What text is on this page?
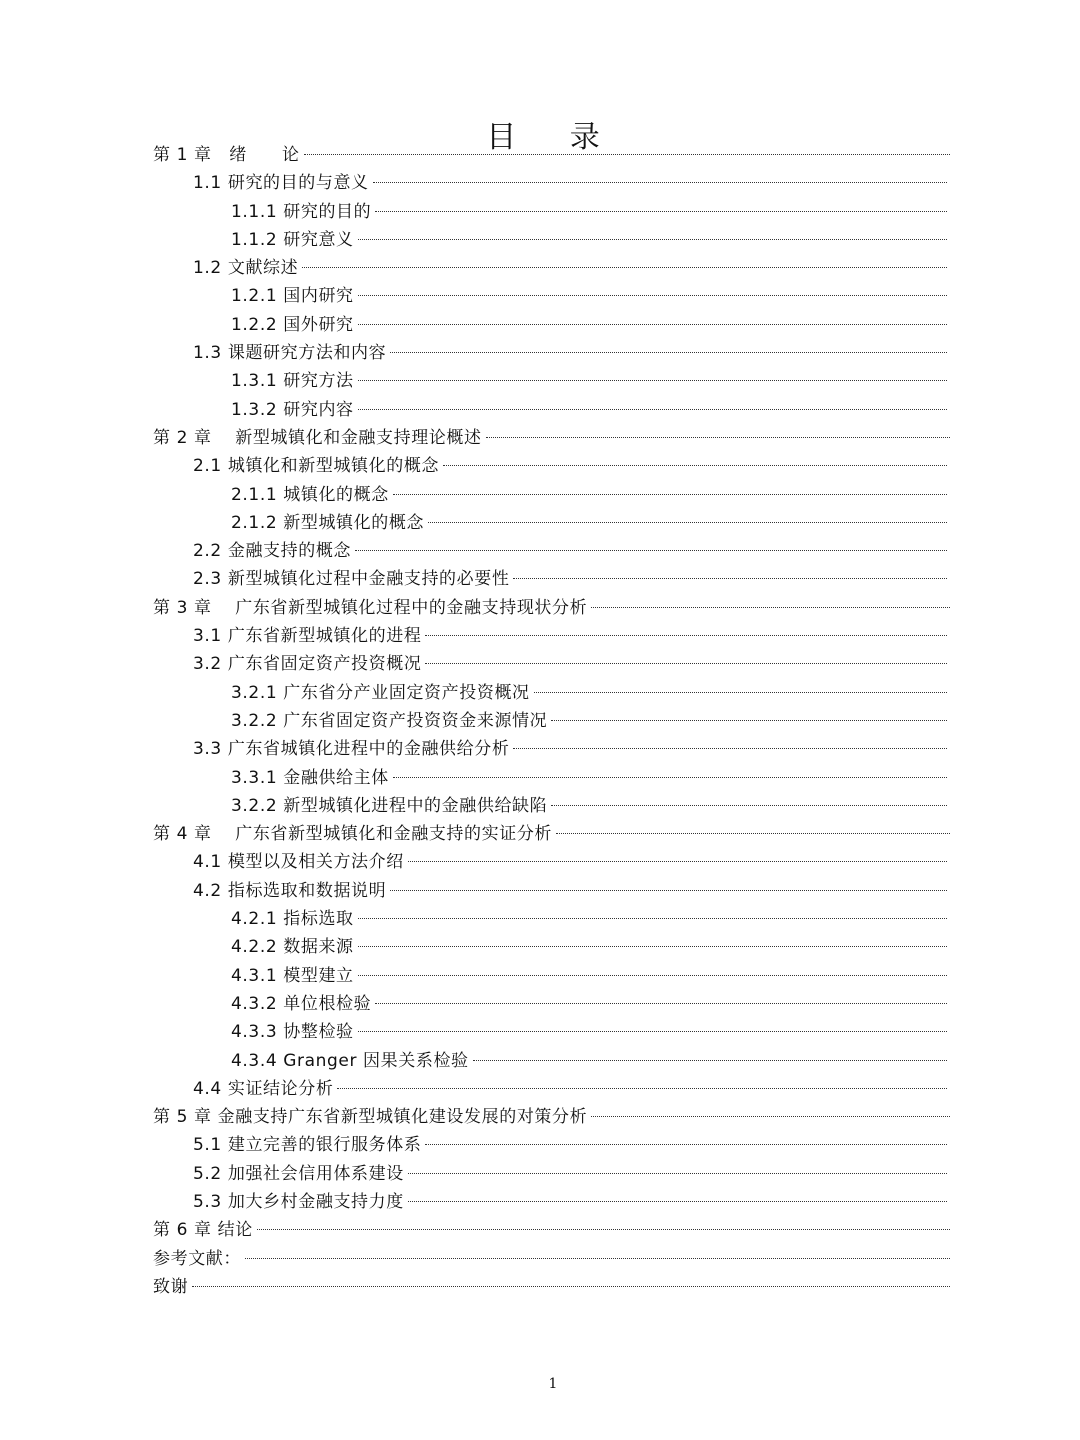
目 录
第 1 章　绪　　论
1.1 研究的目的与意义
1.1.1 研究的目的
1.1.2 研究意义
1.2 文献综述
1.2.1 国内研究
1.2.2 国外研究
1.3 课题研究方法和内容
1.3.1 研究方法
1.3.2 研究内容
第 2 章　 新型城镇化和金融支持理论概述
2.1 城镇化和新型城镇化的概念
2.1.1 城镇化的概念
2.1.2 新型城镇化的概念
2.2 金融支持的概念
2.3 新型城镇化过程中金融支持的必要性
第 3 章　 广东省新型城镇化过程中的金融支持现状分析
3.1 广东省新型城镇化的进程
3.2 广东省固定资产投资概况
3.2.1 广东省分产业固定资产投资概况
3.2.2 广东省固定资产投资资金来源情况
3.3 广东省城镇化进程中的金融供给分析
3.3.1 金融供给主体
3.2.2 新型城镇化进程中的金融供给缺陷
第 4 章　 广东省新型城镇化和金融支持的实证分析
4.1 模型以及相关方法介绍
4.2 指标选取和数据说明
4.2.1 指标选取
4.2.2 数据来源
4.3.1 模型建立
4.3.2 单位根检验
4.3.3 协整检验
4.3.4 Granger 因果关系检验
4.4 实证结论分析
第 5 章 金融支持广东省新型城镇化建设发展的对策分析
5.1 建立完善的银行服务体系
5.2 加强社会信用体系建设
5.3 加大乡村金融支持力度
第 6 章 结论
参考文献：
致谢
1
